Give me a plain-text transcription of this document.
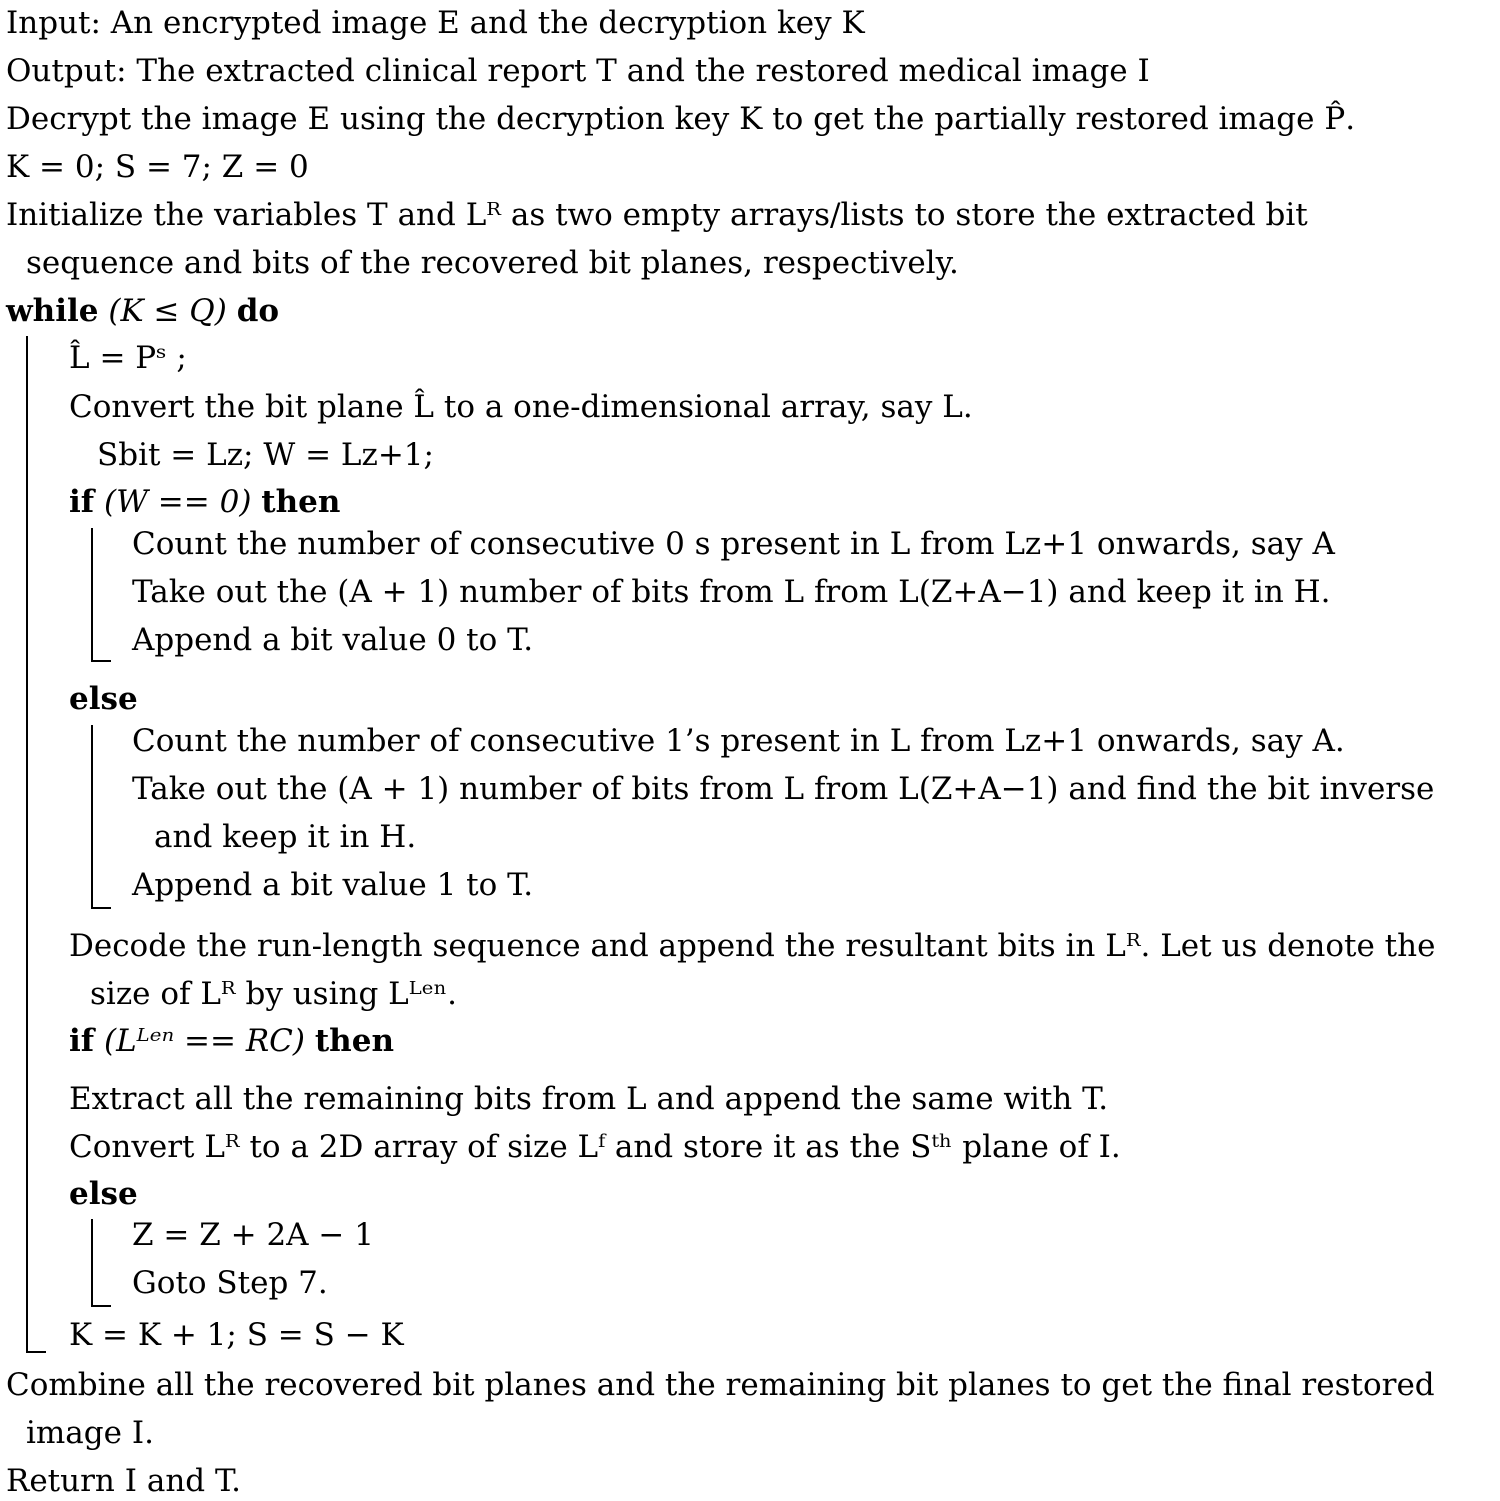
Input: An encrypted image E and the decryption key K
Output: The extracted clinical report T and the restored medical image I
Decrypt the image E using the decryption key K to get the partially restored image P̂.
K = 0; S = 7; Z = 0
Initialize the variables T and Lᴿ as two empty arrays/lists to store the extracted bit
sequence and bits of the recovered bit planes, respectively.
while (K ≤ Q) do
L̂ = Pˢ ;
Convert the bit plane L̂ to a one-dimensional array, say L.
Sbit = Lz; W = Lz+1;
if (W == 0) then
Count the number of consecutive 0 s present in L from Lz+1 onwards, say A
Take out the (A + 1) number of bits from L from L(Z+A−1) and keep it in H.
Append a bit value 0 to T.
else
Count the number of consecutive 1’s present in L from Lz+1 onwards, say A.
Take out the (A + 1) number of bits from L from L(Z+A−1) and find the bit inverse
and keep it in H.
Append a bit value 1 to T.
Decode the run-length sequence and append the resultant bits in Lᴿ. Let us denote the
size of Lᴿ by using Lᴸᵉⁿ.
if (Lᴸᵉⁿ == RC) then
Extract all the remaining bits from L and append the same with T.
Convert Lᴿ to a 2D array of size Lᶠ and store it as the Sᵗʰ plane of I.
else
Z = Z + 2A − 1
Goto Step 7.
K = K + 1; S = S − K
Combine all the recovered bit planes and the remaining bit planes to get the final restored
image I.
Return I and T.
